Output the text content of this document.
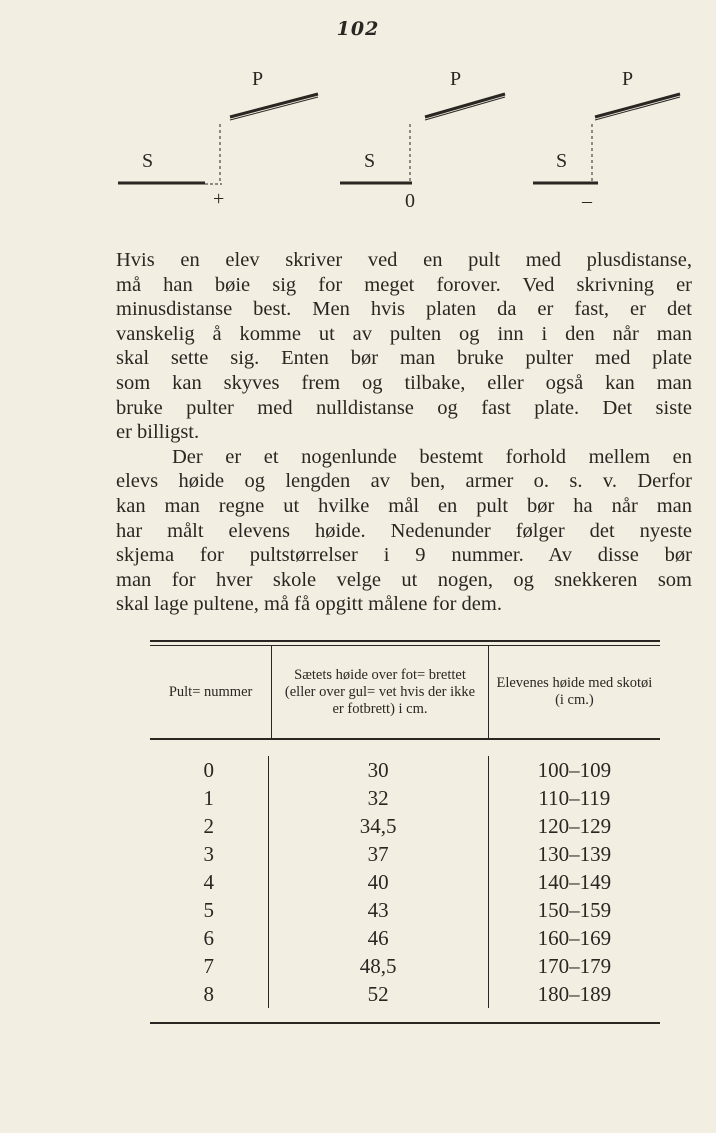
102
P
S
+
P
S
0
P
S
–

Hvis en elev skriver ved en pult med plusdistanse,
må han bøie sig for meget forover. Ved skrivning er
minusdistanse best. Men hvis platen da er fast, er det
vanskelig å komme ut av pulten og inn i den når man
skal sette sig. Enten bør man bruke pulter med plate
som kan skyves frem og tilbake, eller også kan man
bruke pulter med nulldistanse og fast plate. Det siste
er billigst.

Der er et nogenlunde bestemt forhold mellem en
elevs høide og lengden av ben, armer o. s. v. Derfor
kan man regne ut hvilke mål en pult bør ha når man
har målt elevens høide. Nedenunder følger det nyeste
skjema for pultstørrelser i 9 nummer. Av disse bør
man for hver skole velge ut nogen, og snekkeren som
skal lage pultene, må få opgitt målene for dem.

Pult= nummer
Sætets høide over fot= brettet (eller over gul= vet hvis der ikke er fotbrett) i cm.
Elevenes høide med skotøi (i cm.)
0
1
2
3
4
5
6
7
8
30
32
34,5
37
40
43
46
48,5
52
100–109
110–119
120–129
130–139
140–149
150–159
160–169
170–179
180–189
